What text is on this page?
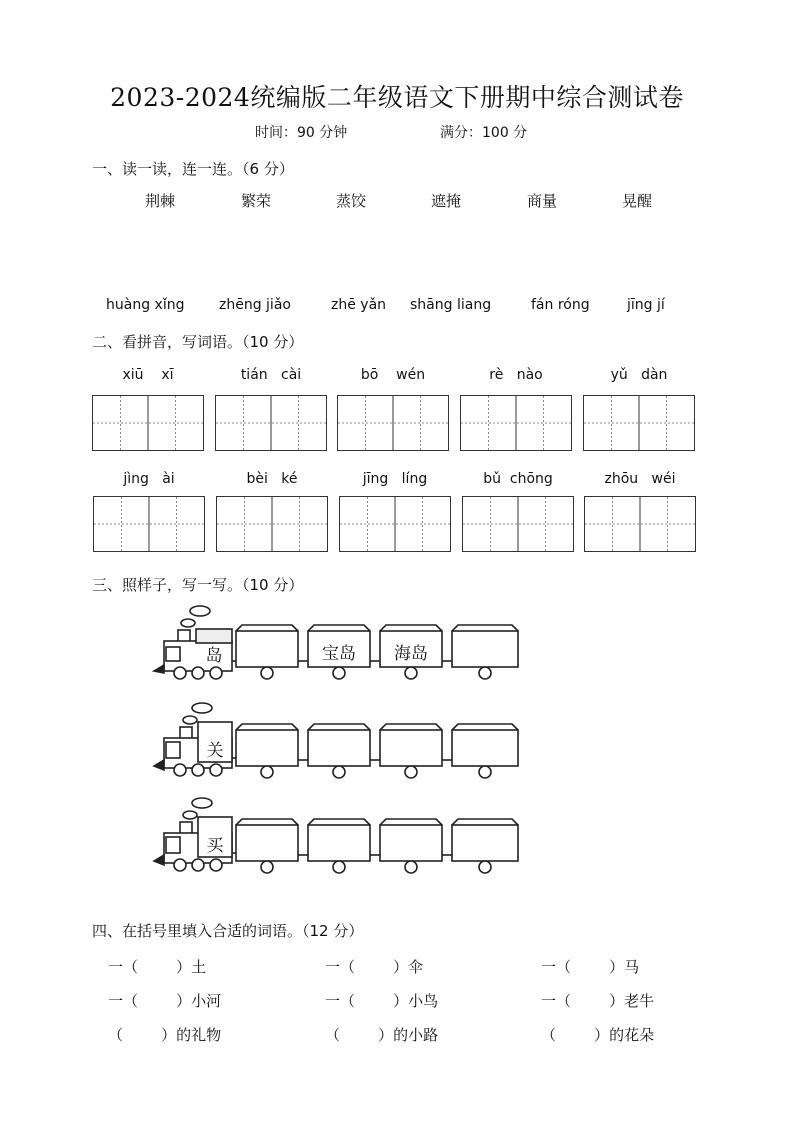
2023-2024统编版二年级语文下册期中综合测试卷
时间：90 分钟	满分：100 分
一、读一读，连一连。（6 分）
荆棘	繁荣	蒸饺	遮掩	商量	晃醒
huàng xǐng zhēng jiǎo	zhē yǎn shāng liang	fán róng	jīng jí
二、看拼音，写词语。（10 分）
xiū    xī	tián   cài	bō    wén	rè   nào	yǔ   dàn
jìng   ài	bèi   ké	jīng   líng	bǔ  chōng	zhōu   wéi
三、照样子，写一写。（10 分）
岛	宝岛	海岛
关
买
四、在括号里填入合适的词语。（12 分）
一（        ）土	一（        ）伞	一（        ）马
一（        ）小河	一（        ）小鸟	一（        ）老牛
（        ）的礼物	（        ）的小路	（        ）的花朵
